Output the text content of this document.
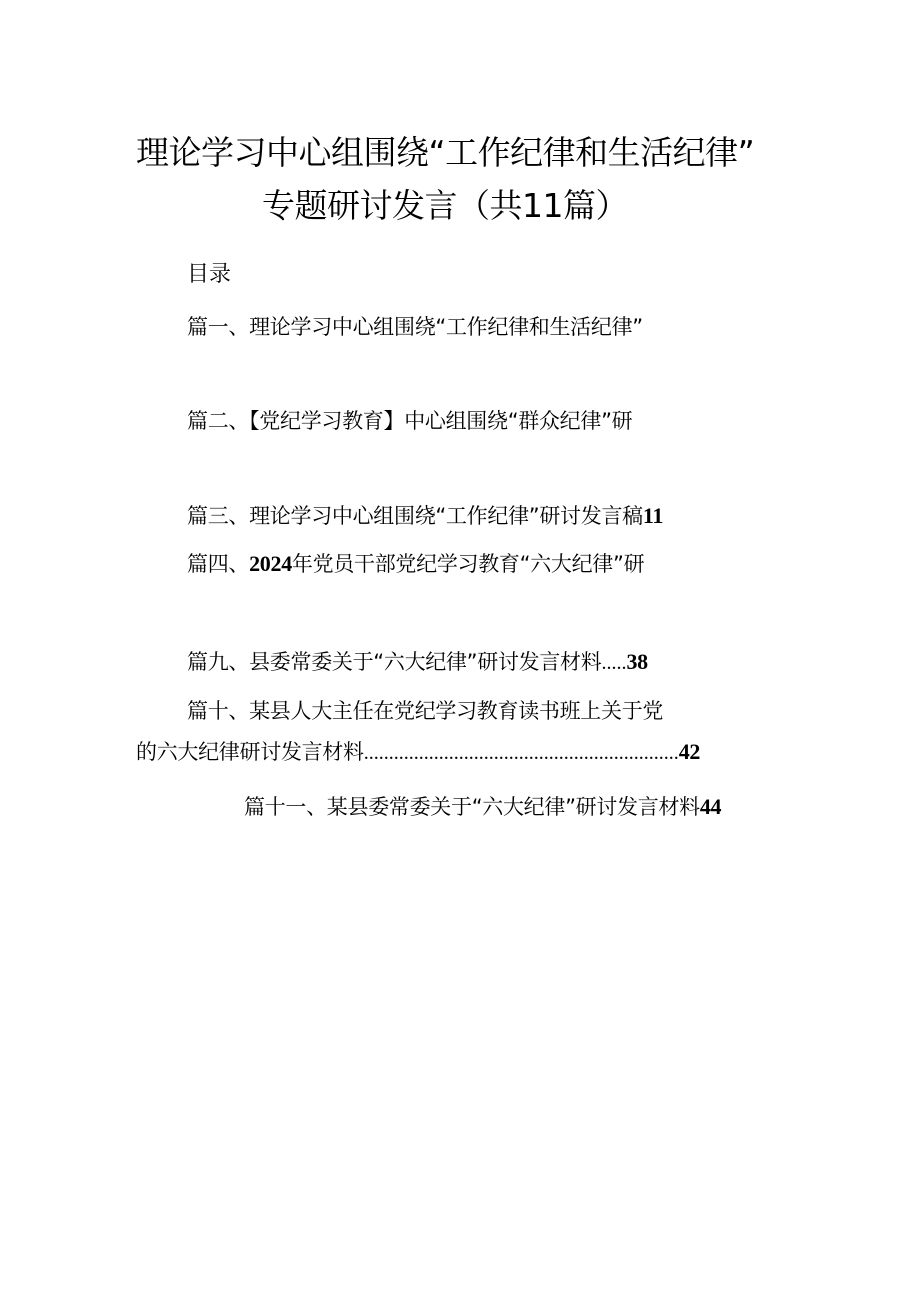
理论学习中心组围绕“工作纪律和生活纪律”
专题研讨发言（共11篇）
目录
篇一、理论学习中心组围绕“工作纪律和生活纪律”
篇二、【党纪学习教育】中心组围绕“群众纪律”研
篇三、理论学习中心组围绕“工作纪律”研讨发言稿11
篇四、2024年党员干部党纪学习教育“六大纪律”研
篇九、县委常委关于“六大纪律”研讨发言材料.....38
篇十、某县人大主任在党纪学习教育读书班上关于党
的六大纪律研讨发言材料...............................................................42
篇十一、某县委常委关于“六大纪律”研讨发言材料44
